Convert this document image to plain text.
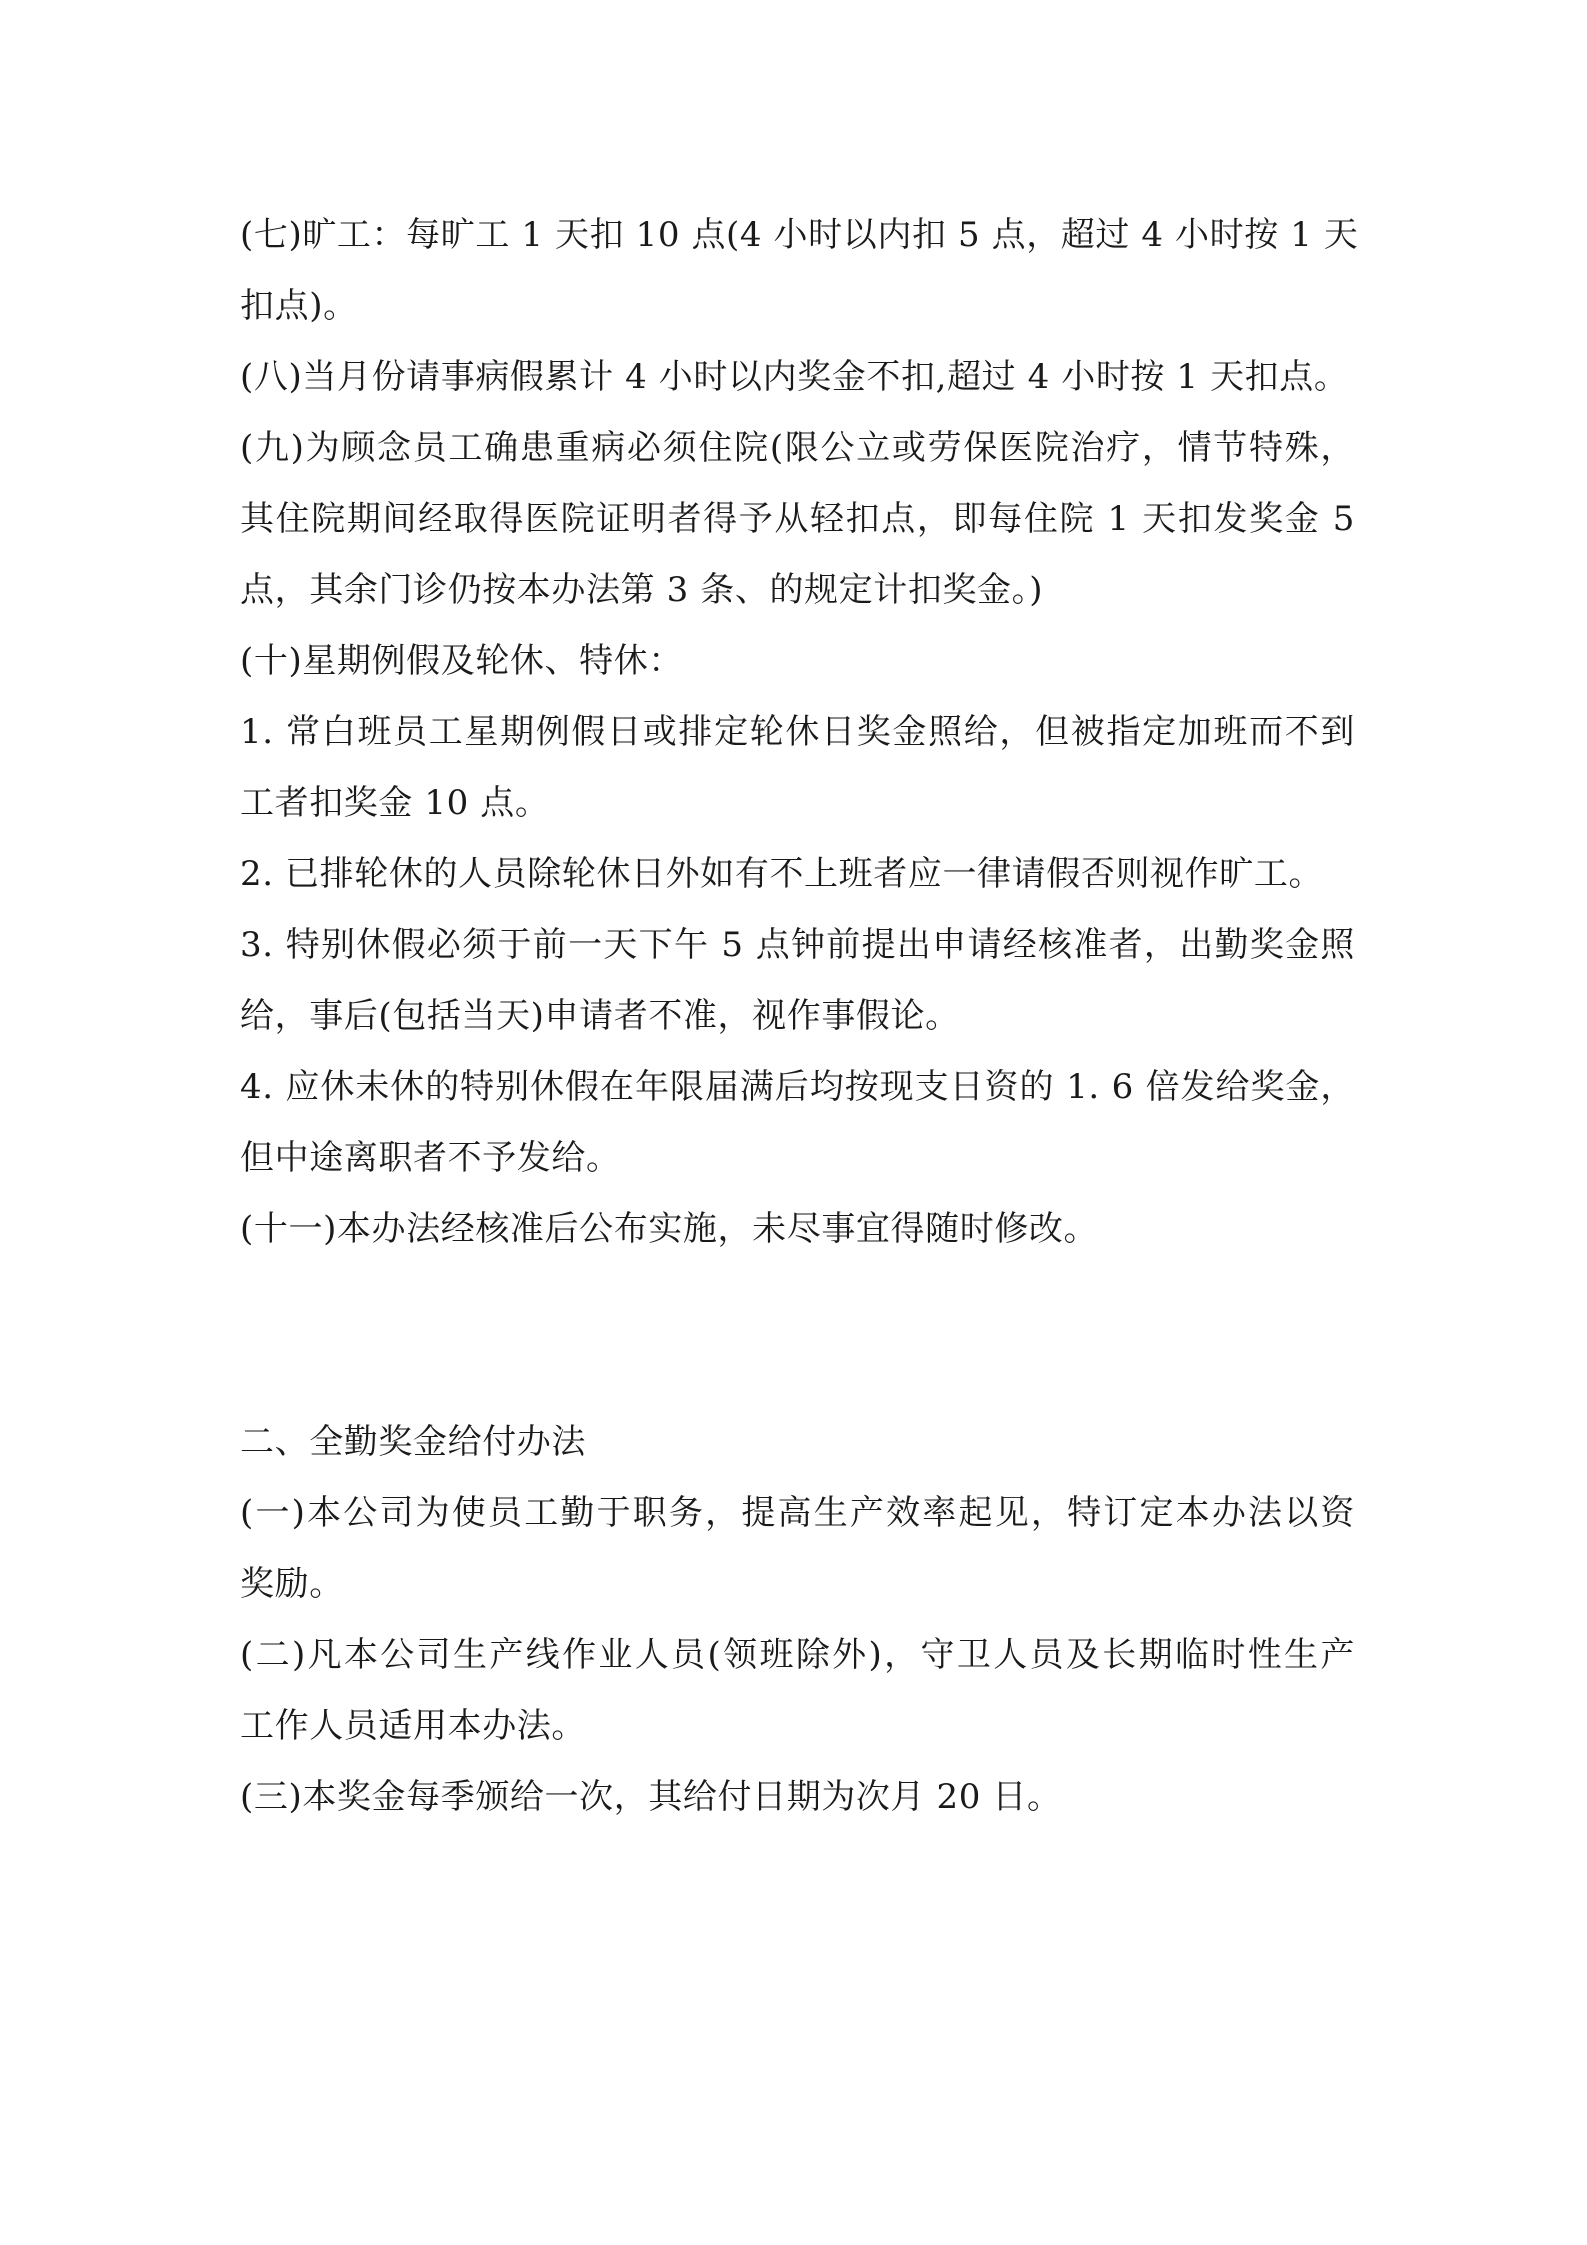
(七)旷工：每旷工 1 天扣 10 点(4 小时以内扣 5 点，超过 4 小时按 1 天
扣点)。
(八)当月份请事病假累计 4 小时以内奖金不扣,超过 4 小时按 1 天扣点。
(九)为顾念员工确患重病必须住院(限公立或劳保医院治疗，情节特殊，
其住院期间经取得医院证明者得予从轻扣点，即每住院 1 天扣发奖金 5
点，其余门诊仍按本办法第 3 条、的规定计扣奖金。)
(十)星期例假及轮休、特休：
1. 常白班员工星期例假日或排定轮休日奖金照给，但被指定加班而不到
工者扣奖金 10 点。
2. 已排轮休的人员除轮休日外如有不上班者应一律请假否则视作旷工。
3. 特别休假必须于前一天下午 5 点钟前提出申请经核准者，出勤奖金照
给，事后(包括当天)申请者不准，视作事假论。
4. 应休未休的特别休假在年限届满后均按现支日资的 1. 6 倍发给奖金，
但中途离职者不予发给。
(十一)本办法经核准后公布实施，未尽事宜得随时修改。
二、全勤奖金给付办法
(一)本公司为使员工勤于职务，提高生产效率起见，特订定本办法以资
奖励。
(二)凡本公司生产线作业人员(领班除外)，守卫人员及长期临时性生产
工作人员适用本办法。
(三)本奖金每季颁给一次，其给付日期为次月 20 日。
